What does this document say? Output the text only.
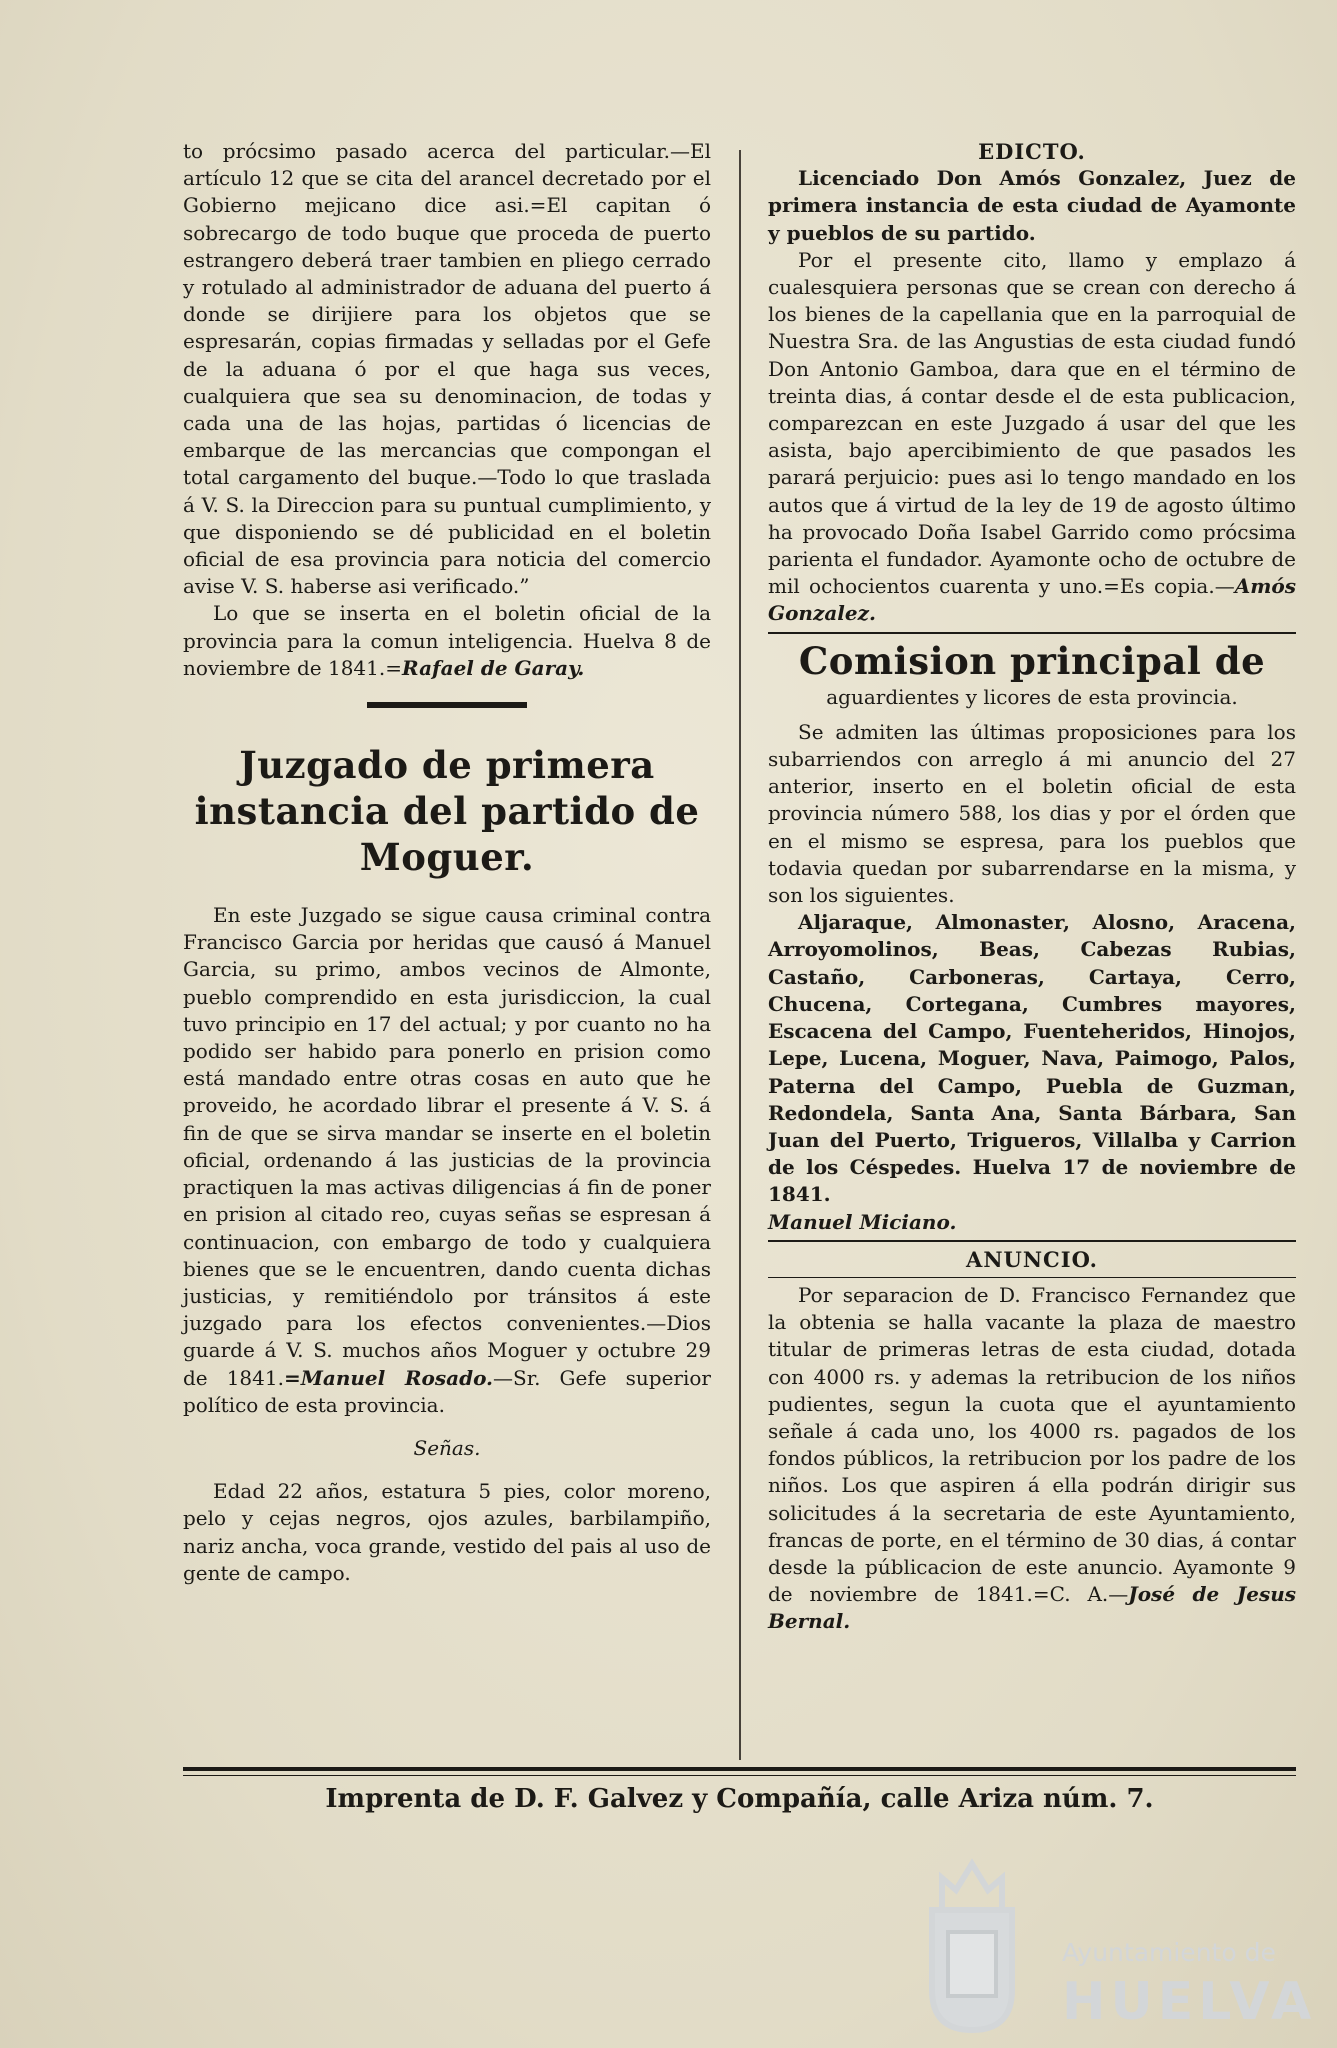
to prócsimo pasado acerca del particular.—El artículo 12 que se cita del arancel decretado por el Gobierno mejicano dice asi.=El capitan ó sobrecargo de todo buque que proceda de puerto estrangero deberá traer tambien en pliego cerrado y rotulado al administrador de aduana del puerto á donde se dirijiere para los objetos que se espresarán, copias firmadas y selladas por el Gefe de la aduana ó por el que haga sus veces, cualquiera que sea su denominacion, de todas y cada una de las hojas, partidas ó licencias de embarque de las mercancias que compongan el total cargamento del buque.—Todo lo que traslada á V. S. la Direccion para su puntual cumplimiento, y que disponiendo se dé publicidad en el boletin oficial de esa provincia para noticia del comercio avise V. S. haberse asi verificado.”

Lo que se inserta en el boletin oficial de la provincia para la comun inteligencia. Huelva 8 de noviembre de 1841.=Rafael de Garay.

Juzgado de primera instancia del partido de Moguer.

En este Juzgado se sigue causa criminal contra Francisco Garcia por heridas que causó á Manuel Garcia, su primo, ambos vecinos de Almonte, pueblo comprendido en esta jurisdiccion, la cual tuvo principio en 17 del actual; y por cuanto no ha podido ser habido para ponerlo en prision como está mandado entre otras cosas en auto que he proveido, he acordado librar el presente á V. S. á fin de que se sirva mandar se inserte en el boletin oficial, ordenando á las justicias de la provincia practiquen la mas activas diligencias á fin de poner en prision al citado reo, cuyas señas se espresan á continuacion, con embargo de todo y cualquiera bienes que se le encuentren, dando cuenta dichas justicias, y remitiéndolo por tránsitos á este juzgado para los efectos convenientes.—Dios guarde á V. S. muchos años Moguer y octubre 29 de 1841.=Manuel Rosado.—Sr. Gefe superior político de esta provincia.

Señas.

Edad 22 años, estatura 5 pies, color moreno, pelo y cejas negros, ojos azules, barbilampiño, nariz ancha, voca grande, vestido del pais al uso de gente de campo.

EDICTO.

Licenciado Don Amós Gonzalez, Juez de primera instancia de esta ciudad de Ayamonte y pueblos de su partido.

Por el presente cito, llamo y emplazo á cualesquiera personas que se crean con derecho á los bienes de la capellania que en la parroquial de Nuestra Sra. de las Angustias de esta ciudad fundó Don Antonio Gamboa, dara que en el término de treinta dias, á contar desde el de esta publicacion, comparezcan en este Juzgado á usar del que les asista, bajo apercibimiento de que pasados les parará perjuicio: pues asi lo tengo mandado en los autos que á virtud de la ley de 19 de agosto último ha provocado Doña Isabel Garrido como prócsima parienta el fundador. Ayamonte ocho de octubre de mil ochocientos cuarenta y uno.=Es copia.—Amós Gonzalez.

Comision principal de

aguardientes y licores de esta provincia.

Se admiten las últimas proposiciones para los subarriendos con arreglo á mi anuncio del 27 anterior, inserto en el boletin oficial de esta provincia número 588, los dias y por el órden que en el mismo se espresa, para los pueblos que todavia quedan por subarrendarse en la misma, y son los siguientes.

Aljaraque, Almonaster, Alosno, Aracena, Arroyomolinos, Beas, Cabezas Rubias, Castaño, Carboneras, Cartaya, Cerro, Chucena, Cortegana, Cumbres mayores, Escacena del Campo, Fuenteheridos, Hinojos, Lepe, Lucena, Moguer, Nava, Paimogo, Palos, Paterna del Campo, Puebla de Guzman, Redondela, Santa Ana, Santa Bárbara, San Juan del Puerto, Trigueros, Villalba y Carrion de los Céspedes. Huelva 17 de noviembre de 1841.

Manuel Miciano.

ANUNCIO.

Por separacion de D. Francisco Fernandez que la obtenia se halla vacante la plaza de maestro titular de primeras letras de esta ciudad, dotada con 4000 rs. y ademas la retribucion de los niños pudientes, segun la cuota que el ayuntamiento señale á cada uno, los 4000 rs. pagados de los fondos públicos, la retribucion por los padre de los niños. Los que aspiren á ella podrán dirigir sus solicitudes á la secretaria de este Ayuntamiento, francas de porte, en el término de 30 dias, á contar desde la públicacion de este anuncio. Ayamonte 9 de noviembre de 1841.=C. A.—José de Jesus Bernal.

Imprenta de D. F. Galvez y Compañía, calle Ariza núm. 7.
Ayuntamiento de
HUELVA
